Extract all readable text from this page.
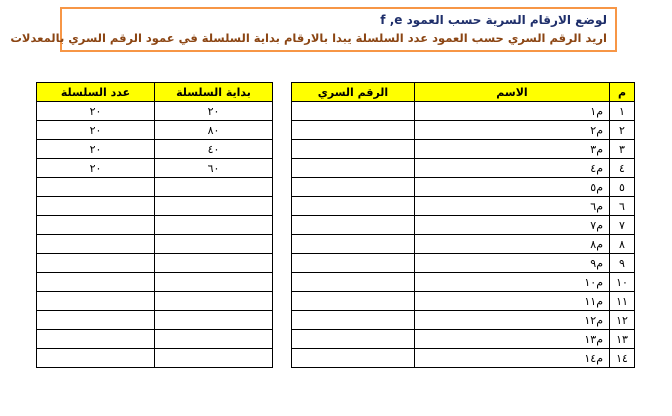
لوضع الارقام السرية حسب العمود f ,e
اريد الرقم السري حسب العمود عدد السلسلة يبدا بالارقام بداية السلسلة في عمود الرقم السري بالمعدلات
م	الاسم	الرقم السري
١	م١	
٢	م٢	
٣	م٣	
٤	م٤	
٥	م٥	
٦	م٦	
٧	م٧	
٨	م٨	
٩	م٩	
١٠	م١٠	
١١	م١١	
١٢	م١٢	
١٣	م١٣	
١٤	م١٤	
بداية السلسلة	عدد السلسلة
٢٠	٢٠
٨٠	٢٠
٤٠	٢٠
٦٠	٢٠
